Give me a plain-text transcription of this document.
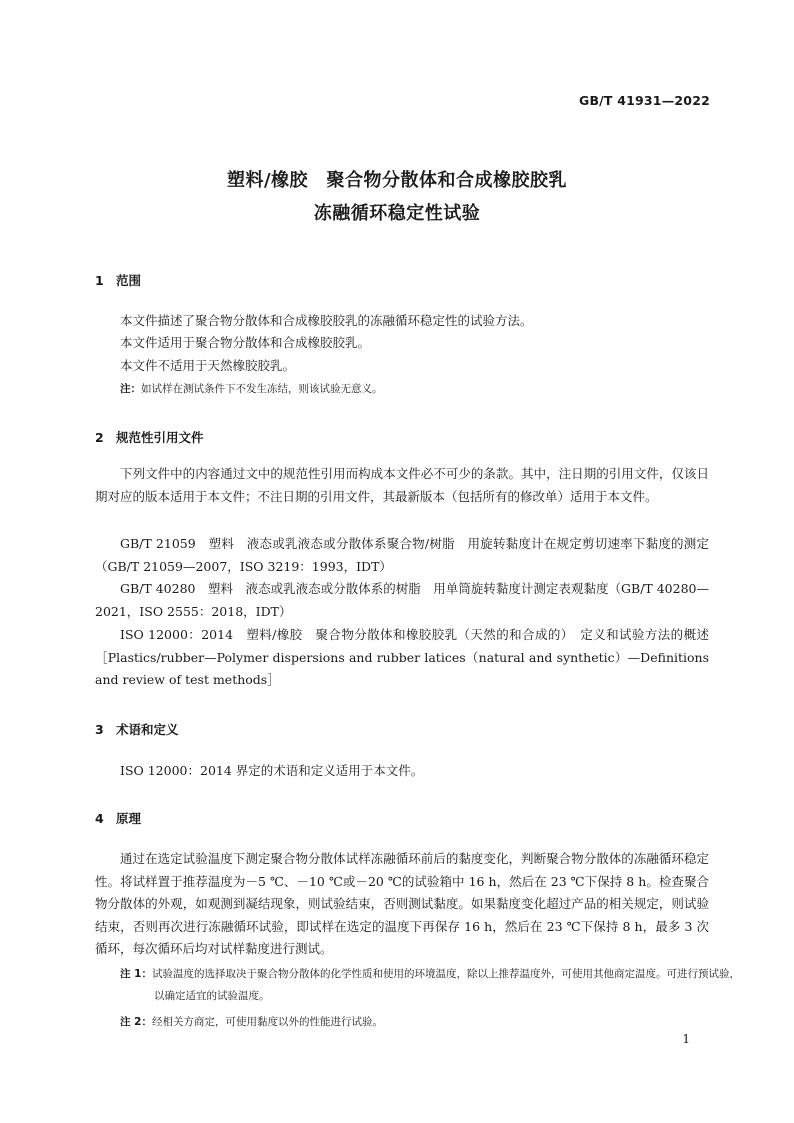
GB/T 41931—2022
塑料/橡胶　聚合物分散体和合成橡胶胶乳
冻融循环稳定性试验
1 范围
本文件描述了聚合物分散体和合成橡胶胶乳的冻融循环稳定性的试验方法。
本文件适用于聚合物分散体和合成橡胶胶乳。
本文件不适用于天然橡胶胶乳。
注：如试样在测试条件下不发生冻结，则该试验无意义。
2 规范性引用文件
下列文件中的内容通过文中的规范性引用而构成本文件必不可少的条款。其中，注日期的引用文件，仅该日期对应的版本适用于本文件；不注日期的引用文件，其最新版本（包括所有的修改单）适用于本文件。
GB/T 21059　塑料　液态或乳液态或分散体系聚合物/树脂　用旋转黏度计在规定剪切速率下黏度的测定（GB/T 21059—2007，ISO 3219：1993，IDT）
GB/T 40280　塑料　液态或乳液态或分散体系的树脂　用单筒旋转黏度计测定表观黏度（GB/T 40280—2021，ISO 2555：2018，IDT）
ISO 12000：2014　塑料/橡胶　聚合物分散体和橡胶胶乳（天然的和合成的）　定义和试验方法的概述［Plastics/rubber—Polymer dispersions and rubber latices（natural and synthetic）—Definitions and review of test methods］
3 术语和定义
ISO 12000：2014 界定的术语和定义适用于本文件。
4 原理
通过在选定试验温度下测定聚合物分散体试样冻融循环前后的黏度变化，判断聚合物分散体的冻融循环稳定性。将试样置于推荐温度为－5 ℃、－10 ℃或－20 ℃的试验箱中 16 h，然后在 23 ℃下保持 8 h。检查聚合物分散体的外观，如观测到凝结现象，则试验结束，否则测试黏度。如果黏度变化超过产品的相关规定，则试验结束，否则再次进行冻融循环试验，即试样在选定的温度下再保存 16 h，然后在 23 ℃下保持 8 h，最多 3 次循环，每次循环后均对试样黏度进行测试。
注 1：试验温度的选择取决于聚合物分散体的化学性质和使用的环境温度，除以上推荐温度外，可使用其他商定温度。可进行预试验，以确定适宜的试验温度。
注 2：经相关方商定，可使用黏度以外的性能进行试验。
1
